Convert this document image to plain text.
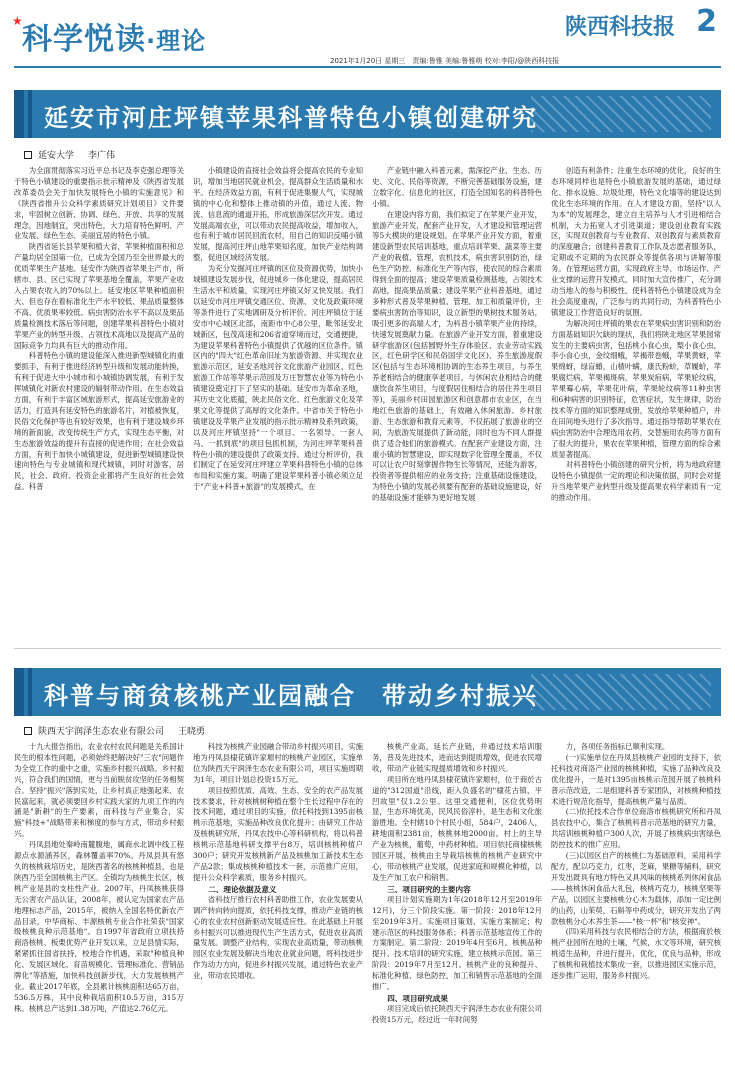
★
科学悦读·理论	陕西科技报 2
2021年1月20日 星期三　责编:鲁雅 美编:鲁雅萌 校对:李阳/@陕西科技报
延安市河庄坪镇苹果科普特色小镇创建研究
延安大学 李广伟

为全面贯彻落实习近平总书记及李克强总理等关于特色小镇建设的重要指示批示精神及《陕西省发展改革委员会关于加快发展特色小镇的实施意见》和《陕西省推升公众科学素质研究计划项目》文件要求，牢固树立创新、协调、绿色、开放、共享的发展理念，因地制宜，突出特色，大力培育特色鲜明、产业发展、绿色生态、美丽宜居的特色小镇。

陕西省延长县苹果和植大省，苹果种植面积和总产量均居全国第一位，已成为全国乃至全世界最大的优质苹果生产基地。延安作为陕西省苹果主产市，所辖市、县、区已实现了苹果基地全覆盖，苹果产业收入占果农收入的70%以上。延安地区苹果种植面积大、但也存在着标准化生产水平较低、果品质量整体不高、优质果率较低、病虫害防治水平不高以及果品质量检测技术落后等问题，创建苹果科普特色小镇对苹果产业的转型升级、占领技术高地以及提高产品的国际竞争力均具有巨大的推动作用。

科普特色小镇的建设能深入推进新型城镇化的重要抓手，有利于推进经济转型升级和发展动能转换，有利于促进大中小城市和小城镇协调发展，有利于发挥城镇化对新农村建设的辐射带动作用。在生态效益方面，有利于丰富区域旅游形式，提高延安旅游业的活力，打造具有延安特色的旅游名片，对植被恢复，民俗文化保护等也有较好效果，也有利于建设城乡环境的新面貌，改变传统生产方式，实现生态平衡，对生态旅游效益的提升有直接的促进作用；在社会效益方面，有利于加快小城镇建设，促进新型城镇建设快速向特色与专业城镇和现代城镇，同时对游客，居民，社会、政府、投资企业都将产生良好的社会效益。科普

小镇建设的直接社会效益将会提高农民的专业知识，增加当地居民就业机会，提高群众生活质量和水平。在经济效益方面，有利于促进集聚人气，实现城镇的中心化和整体上推动镇的升值，通过人流、物流、信息流的通道开拓，形成旅游深层次开发。通过发展高端农业，可以带动农民提高收益，增加收入，也有利于城市居民回流农村，用自己的知识反哺小镇发展，提高河庄坪山地苹果知名度，加快产业结构调整，促进区域经济发展。

为充分发掘河庄坪镇的区位及资源优势，加快小城镇建设发展步伐，促进城乡一体化建设，提高居民生活水平和质量，实现河庄坪镇又好又快发展。我们以延安市河庄坪镇交通区位、资源、文化及政策环境等条件进行了实地调研及分析评价。河庄坪镇位于延安市中心城区北部，南距市中心8公里，毗邻延安北城新区，包茂高速和206省道穿境而过，交通便捷，为建设苹果科普特色小镇提供了优越的区位条件。镇区内的"四大"红色革命旧址为旅游资源、并实现农业旅游示范区，延安圣地河谷文化旅游产业园区、红色旅游工作站等苹果示范园及万庄智慧农业等为特色小镇建设奠定打下了坚实的基础。延安市为革命圣地，其历史文化底蕴，陕北民俗文化、红色旅游文化及苹果文化等提供了高厚的文化条件。中省市关于特色小镇建设及苹果产业发展的指示批示精神及系列政策，以及河庄坪镇坚持"一个项目、一名领导、一套人马、一抓到底"的项目包抓机制，为河庄坪苹果科普特色小镇的建设提供了政策支持。通过分析评价，我们制定了在延安河庄坪建立苹果科普特色小镇的总体布局和实施方案。明确了建设苹果科普小镇必须立足于"产业+科普+旅游"的发展模式，在

产业链中融入科普元素，需深挖产业、生态、历史、文化、民俗等资源，不断完善基础服务设施，建立数字化、信息化的社区，打造全国知名的科普特色小镇。

在建设内容方面，我们拟定了在苹果产业开发，旅游产业开发，配套产业开发，人才建设和管理运营等5大模块的建设规划。在苹果产业开发方面，着重建设新型农民培训基地，重点培训苹果、蔬菜等主要产业的栽植、管理，农机技术，病虫害识别防治，绿色生产防控、标准化生产等内容，使农民的综合素质得到全面的提高；建设苹果质量检测基地，占领技术高地，提高果品质量；建设苹果产业科普基地，通过多种形式普及苹果种植、管理、加工和质量评价，主要病虫害防治等知识，设立新型的果树技术服务站，吸引更多的高端人才，为科普小镇苹果产业的持续，快速发展奠献力量。在旅游产业开发方面，着重建设研学旅游区(包括圆野外生存体验区、农业劳动实践区，红色研学区和民俗国学文化区)、养生旅游度假区(包括与生态环境相协调的生态养生项目，与养生养老相结合的健康享老项目，与休闲农业相结合的健康饮食养生项目，与度假居住相结合的居住养生项目等)，美丽乡村田园旅游区和创意都市农业区，在当地红色旅游的基础上，有效融入休闲旅游、乡村旅游、生态旅游和教育元素等，不仅拓展了旅游业的空间，为旅游发展提供了新动能，同时也为不同人群提供了适合他们的旅游模式。在配套产业建设方面，注重小镇的智慧建设，即实现数字化管理全覆盖，不仅可以让农户时刻掌握作物生长等情况，还能为游客，投资者等提供相应的业务支持；注重基础设施建设，为特色小镇的发展必须要有配套的基础设施建设，好的基础设施才能够为更好地发展

创造有利条件；注重生态环境的优化，良好的生态环境同样也是特色小镇旅游发展的基础，通过绿化、排水设施、垃圾处理，特色文化墙等的建设达到优化生态环境的作用。在人才建设方面，坚持"以人为本"的发展理念，建立自主培养与人才引进相结合机制，大力拓宽人才引进渠道；建设创业教育实践区，实现双创教育与专业教育、双创教育与素质教育的深度融合；创建科普教育工作队及志愿者服务队，定期或不定期的为农民群众等提供各项与讲解等服务。在管理运营方面，实现政府主导、市场运作、产业支撑的运营开发模式，同时加大宣传推广，充分调动当地人的参与积极性，使科普特色小镇建设成为全社会高度重视，广泛参与的共同行动，为科普特色小镇建设工作营造良好的氛围。

为解决河庄坪镇的果农在苹果病虫害识别和防治方面基础知识欠缺的现状，我们将陕北地区苹果园常发生的主要病虫害，包括桃小食心虫，梨小食心虫，李小食心虫，金纹细蛾，苹褐带卷蛾，苹果黄蚜，苹果绵蚜，绿盲蝽，山楂叶螨，康氏粉蚧，草履蚧，苹果腐烂病，苹果褐斑病，苹果炭疽病，苹果轮纹病，苹果霉心病，苹果花叶病，苹果轮纹病等11种虫害和6种病害的识别特征，危害症状，发生规律，防治技术等方面的知识整理成册，发放给苹果种植户，并在田间地头进行了多次指导。通过指导帮助苹果农在病虫害防治中合理选用农药，交替施用农药等方面有了很大的提升，果农在苹果种植，管理方面的综合素质显著提高。

对科普特色小镇创建的研究分析，将为地政府建设特色小镇提供一定的理论和决策依据，同时会对提升当地苹果产业转型升级及提高果农科学素质有一定的推动作用。

科普与商贫核桃产业园融合　带动乡村振兴
陕西天宇润泽生态农业有限公司 王晓勇

十九大报告指出，农业农村农民问题是关系国计民生的根本性问题，必须始终把解决好"三农"问题作为全党工作的重中之重，实施乡村振兴战略。乡村振兴，符合我们的国情，更与当前脱贫攻坚的任务相契合。坚持"振兴"落到实处，让乡村真正地强起来、农民富起来，就必须要回乡村实践大家的九项工作的内涵是"新耕"的生产要素，而科技与产业集合，实施"科技+"战略带来和梯度的参与方式，带动乡村振兴。

丹凤县地处秦岭南麓腹地，属商水北调中线工程源点水源涵养区，森林覆盖率70%。丹凤县具有悠久的核桃栽培历史，是陕西著名的核桃种植县，也是陕西乃至全国核桃主产区。全镇均为核桃生长区，核桃产业是县的支柱性产业。2007年，丹凤核桃获得无公害农产品认证，2008年，被认定为国家农产品地理标志产品，2015年，被纳入全国名特优新农产品目录，中华商标、丰源核桃专业合作社荣获"国家级核桃良种示范基地"。自1997年省政府立项扶持商洛核桃、板栗优势产业开发以来，立足县情实际，紧紧抓住国省扶持，校地合作机遇，采取"种植良种化、发展区域化、育苗规模化、管理标准化、营销品牌化"等措施，加快科技创新步伐，大力发展核桃产业。截止2017年底，全县累计核桃面积达65万亩，536.5万株，其中良种栽培面积10.5万亩，315万株。核桃总产达到1.38万吨，产值达2.76亿元。

科技为核桃产业园融合带动乡村振兴项目，实施地为丹凤县棣花镇许家塬村的核桃产业园区，实施单位为陕西天宇润泽生态农业有限公司，项目实施周期为1年，项目计划总投资15万元。

项目按照优质、高效、生态、安全的农产品发展技术要求，针对核桃树种植在整个生长过程中存在的技术问题，通过项目的实施，依托科技到1395亩核桃示范基地，实施品种改良优化提升；由研究工作站及核桃研究所，丹凤农技中心等科研机构，将以科普核桃示范基地科研支撑平台8万，培训核桃种植户300户；研究开发核桃新产品及核桃加工新技术生态产品2款；集成核桃种植技术一套，示范推广应用，提升公众科学素质，服务乡村振兴。

二、理论依据及意义

省科技厅推行农村科普助推工作，农业发展要从调产转向转向提质，依托科技支撑，推动产业链的核心的农业农村创新驱动发展适应性。在此基础上开展乡村振兴可以推进现代生产生活方式，促进农业高质量发展。调整产业结构，实现农业高质量，带动核桃园区农业发展及解决当地农业就业问题，将科技进步作为动力方向，促进乡村振兴发展，通过特色农业产业，带动农民增收。

核桃产业高，延长产业链，并通过技术培训服务，普及先进技术，进而达到提质增效，促进农民增收，带动产业链实现提质增效和乡村振兴。

项目所在地丹凤县棣花镇许家塬村，位于商於古道的"312国道"沿线，距入负盛名的"棣花古镇，平凹故里"仅1.2公里。这里交通便利，区位优势明显，生态环境优美，民风民俗淳朴，是生态和文化旅游胜地。全村辖10个村民小组，584户，2406人，耕地面积2381亩，核桃林地2000亩。村上的主导产业为核桃，葡萄，中药材种植。项目依托商棣核桃园区开展，核桃由主导栽培核桃的核桃产业研究中心，带动核桃产业发展，促进家庭和规模化种植，以及生产加工农户和销售。

三、项目研究的主要内容

项目计划实施期为1年(2018年12月至2019年12月)，分三个阶段实施。第一阶段：2018年12月至2019年3月。实施项目策划、实施方案制定；构建示范区的科技服务体系；科普示范基地宣传工作的方案制定。第二阶段：2019年4月至6月。核桃品种提升、技术培训的研究实施，建立核桃示范园。第三阶段：2019年7月至12月。核桃产业的良种提升、标准化种植、绿色防控，加工和销售示范基地的全面推广。

四、项目研究成果

项目完成后依托陕西天宇润泽生态农业有限公司投资15万元，经过近一年时间努

力，各项任务指标已顺利实现。

(一)实施单位在丹凤县核桃产业园的支持下，依托科技对商洛产业园的核桃种植，实施了品种改良及优化提升，一是对1395亩核桃示范园开展了核桃科普示范改造，二是组建科普专家团队，对核桃种植技术进行规范化指导，提高核桃产量与品质。

(二)依托技术合作单位商洛市核桃研究所和丹凤县农技中心，集合了核桃科普示范基地的研究力量，共培训核桃种植户300人次，开展了核桃病虫害绿色防控技术的推广应用。

(三)以园区自产的核桃仁为基础原料，采用科学配方，配以巧克力，红枣，芝麻，果糖等辅料，研究开发出既具有地方特色又具风味的核桃系列休闲食品——核桃休闲食品大礼包，核桃巧克力，核桃坚果等产品，以园区主要核桃分心木为载体，添加一定比例的山药，山茱萸，石斛等中药成分，研究开发出了两款核桃分心木养生茶——"核一杯"和"核安神"。

(四)采用科技与农民相结合的方法，根据商於核桃产业园所在地的土壤，气候，水文等环境，研究核桃适生品种，并进行提升，优化，优良与品种，形成了核桃和栽植技术集成一套，以推进园区实施示范，逐步推广运用，服务乡村振兴。
